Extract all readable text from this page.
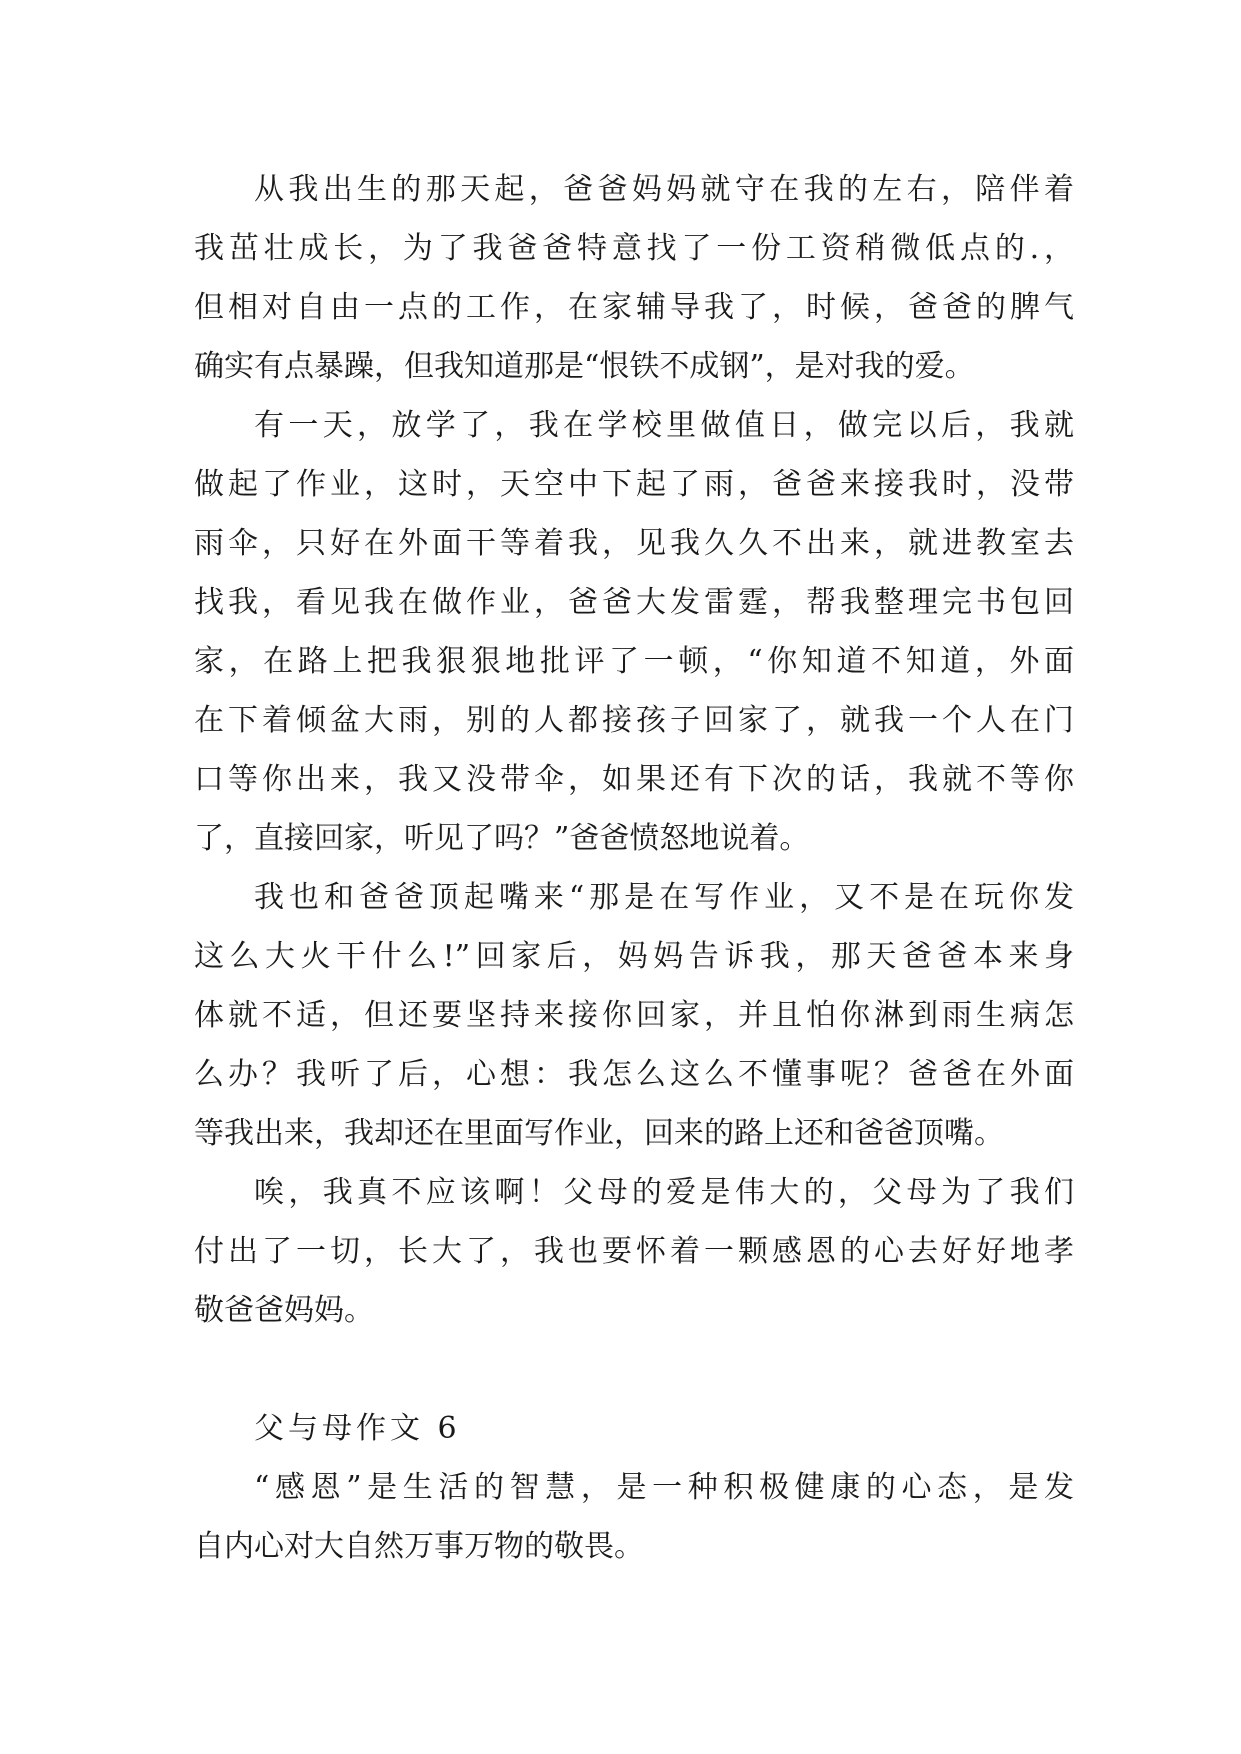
从我出生的那天起，爸爸妈妈就守在我的左右，陪伴着
我茁壮成长，为了我爸爸特意找了一份工资稍微低点的.，
但相对自由一点的工作，在家辅导我了，时候，爸爸的脾气
确实有点暴躁，但我知道那是“恨铁不成钢”，是对我的爱。
有一天，放学了，我在学校里做值日，做完以后，我就
做起了作业，这时，天空中下起了雨，爸爸来接我时，没带
雨伞，只好在外面干等着我，见我久久不出来，就进教室去
找我，看见我在做作业，爸爸大发雷霆，帮我整理完书包回
家，在路上把我狠狠地批评了一顿，“你知道不知道，外面
在下着倾盆大雨，别的人都接孩子回家了，就我一个人在门
口等你出来，我又没带伞，如果还有下次的话，我就不等你
了，直接回家，听见了吗？”爸爸愤怒地说着。
我也和爸爸顶起嘴来“那是在写作业，又不是在玩你发
这么大火干什么!”回家后，妈妈告诉我，那天爸爸本来身
体就不适，但还要坚持来接你回家，并且怕你淋到雨生病怎
么办？我听了后，心想：我怎么这么不懂事呢？爸爸在外面
等我出来，我却还在里面写作业，回来的路上还和爸爸顶嘴。
唉，我真不应该啊！父母的爱是伟大的，父母为了我们
付出了一切，长大了，我也要怀着一颗感恩的心去好好地孝
敬爸爸妈妈。
父与母作文 6
“感恩”是生活的智慧，是一种积极健康的心态，是发
自内心对大自然万事万物的敬畏。
